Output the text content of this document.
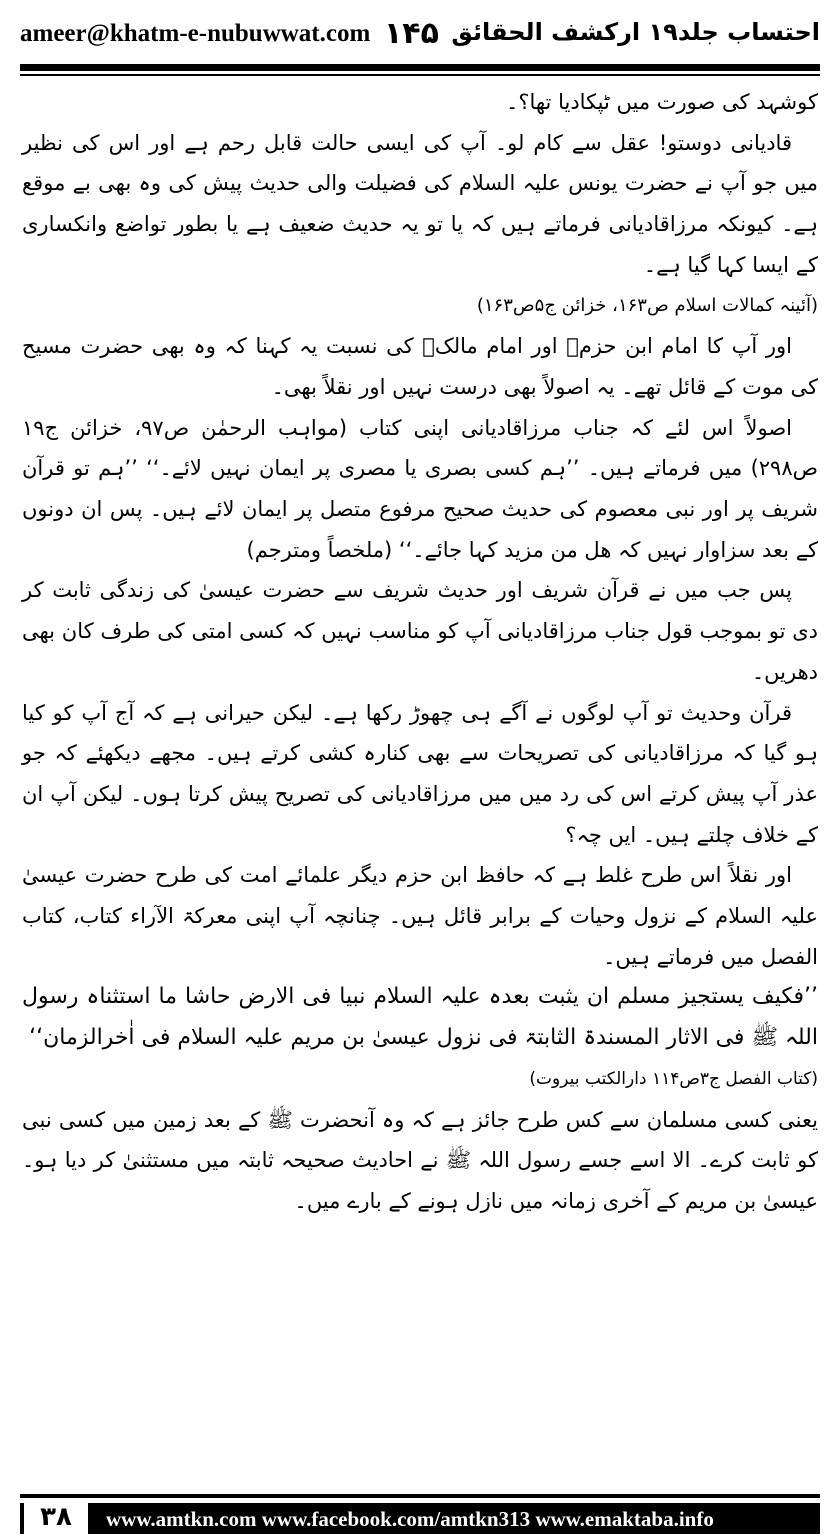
ameer@khatm-e-nubuwwat.com ۱۴۵ احتساب جلد۱۹ ارکشف الحقائق

کوشہد کی صورت میں ٹپکادیا تھا؟۔

قادیانی دوستو! عقل سے کام لو۔ آپ کی ایسی حالت قابل رحم ہے اور اس کی نظیر میں جو آپ نے حضرت یونس علیہ السلام کی فضیلت والی حدیث پیش کی وہ بھی بے موقع ہے۔ کیونکہ مرزاقادیانی فرماتے ہیں کہ یا تو یہ حدیث ضعیف ہے یا بطور تواضع وانکساری کے ایسا کہا گیا ہے۔

(آئینہ کمالات اسلام ص۱۶۳، خزائن ج۵ص۱۶۳)

اور آپ کا امام ابن حزمؒ اور امام مالکؒ کی نسبت یہ کہنا کہ وہ بھی حضرت مسیح کی موت کے قائل تھے۔ یہ اصولاً بھی درست نہیں اور نقلاً بھی۔

اصولاً اس لئے کہ جناب مرزاقادیانی اپنی کتاب (مواہب الرحمٰن ص۹۷، خزائن ج۱۹ ص۲۹۸) میں فرماتے ہیں۔ ’’ہم کسی بصری یا مصری پر ایمان نہیں لائے۔‘‘ ’’ہم تو قرآن شریف پر اور نبی معصوم کی حدیث صحیح مرفوع متصل پر ایمان لائے ہیں۔ پس ان دونوں کے بعد سزاوار نہیں کہ ھل من مزید کہا جائے۔‘‘ (ملخصاً ومترجم)

پس جب میں نے قرآن شریف اور حدیث شریف سے حضرت عیسیٰ کی زندگی ثابت کر دی تو بموجب قول جناب مرزاقادیانی آپ کو مناسب نہیں کہ کسی امتی کی طرف کان بھی دھریں۔

قرآن وحدیث تو آپ لوگوں نے آگے ہی چھوڑ رکھا ہے۔ لیکن حیرانی ہے کہ آج آپ کو کیا ہو گیا کہ مرزاقادیانی کی تصریحات سے بھی کنارہ کشی کرتے ہیں۔ مجھے دیکھئے کہ جو عذر آپ پیش کرتے اس کی رد میں میں مرزاقادیانی کی تصریح پیش کرتا ہوں۔ لیکن آپ ان کے خلاف چلتے ہیں۔ ایں چہ؟

اور نقلاً اس طرح غلط ہے کہ حافظ ابن حزم دیگر علمائے امت کی طرح حضرت عیسیٰ علیہ السلام کے نزول وحیات کے برابر قائل ہیں۔ چنانچہ آپ اپنی معرکۃ الآراء کتاب، کتاب الفصل میں فرماتے ہیں۔

’’فکیف یستجیز مسلم ان یثبت بعدہ علیہ السلام نبیا فی الارض حاشا ما استثناہ رسول اللہ ﷺ فی الاثار المسندۃ الثابتۃ فی نزول عیسیٰ بن مریم علیہ السلام فی اٰخرالزمان‘‘

(کتاب الفصل ج۳ص۱۱۴ دارالکتب بیروت)

یعنی کسی مسلمان سے کس طرح جائز ہے کہ وہ آنحضرت ﷺ کے بعد زمین میں کسی نبی کو ثابت کرے۔ الا اسے جسے رسول اللہ ﷺ نے احادیث صحیحہ ثابتہ میں مستثنیٰ کر دیا ہو۔ عیسیٰ بن مریم کے آخری زمانہ میں نازل ہونے کے بارے میں۔

۳۸	www.amtkn.com www.facebook.com/amtkn313 www.emaktaba.info
